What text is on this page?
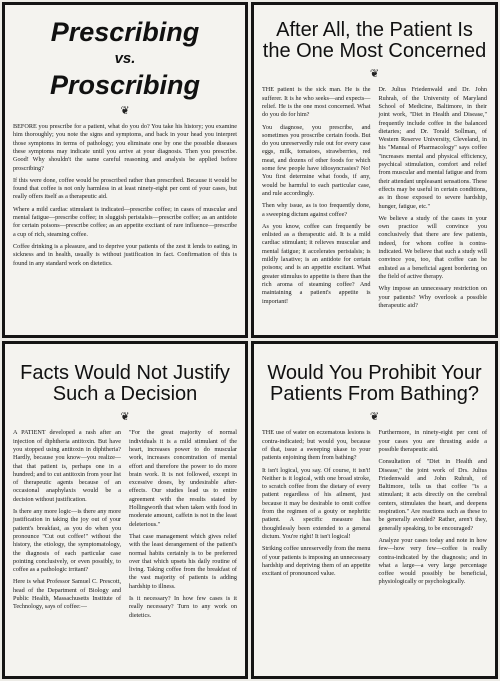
Prescribing
vs.
Proscribing
❦

BEFORE you prescribe for a patient, what do you do? You take his history; you examine him thoroughly; you note the signs and symptoms, and back in your head you interpret those symptoms in terms of pathology; you eliminate one by one the possible diseases these symptoms may indicate until you arrive at your diagnosis. Then you prescribe. Good! Why shouldn't the same careful reasoning and analysis be applied before proscribing?

If this were done, coffee would be proscribed rather than prescribed. Because it would be found that coffee is not only harmless in at least ninety-eight per cent of your cases, but really offers itself as a therapeutic aid.

Where a mild cardiac stimulant is indicated—prescribe coffee; in cases of muscular and mental fatigue—prescribe coffee; in sluggish peristalsis—prescribe coffee; as an antidote for certain poisons—prescribe coffee; as an appetite excitant of rare influence—prescribe a cup of rich, steaming coffee.

Coffee drinking is a pleasure, and to deprive your patients of the zest it lends to eating, in sickness and in health, usually is without justification in fact. Confirmation of this is found in any standard work on dietetics.

After All, the Patient Is the One Most Concerned
❦

THE patient is the sick man. He is the sufferer. It is he who seeks—and expects—relief. He is the one most concerned. What do you do for him?

You diagnose, you prescribe, and sometimes you proscribe certain foods. But do you unreservedly rule out for every case eggs, milk, tomatoes, strawberries, red meat, and dozens of other foods for which some few people have idiosyncrasies? No! You first determine what foods, if any, would be harmful to each particular case, and rule accordingly.

Then why issue, as is too frequently done, a sweeping dictum against coffee?

As you know, coffee can frequently be enlisted as a therapeutic aid. It is a mild cardiac stimulant; it relieves muscular and mental fatigue; it accelerates peristalsis; is mildly laxative; is an antidote for certain poisons; and is an appetite excitant. What greater stimulus to appetite is there than the rich aroma of steaming coffee? And maintaining a patient's appetite is important!

Dr. Julius Friedenwald and Dr. John Ruhrah, of the University of Maryland School of Medicine, Baltimore, in their joint work, "Diet in Health and Disease," frequently include coffee in the balanced dietaries; and Dr. Torald Sollman, of Western Reserve University, Cleveland, in his "Manual of Pharmacology" says coffee "increases mental and physical efficiency, psychical stimulation, comfort and relief from muscular and mental fatigue and from their attendant unpleasant sensations. These effects may be useful in certain conditions, as in those exposed to severe hardship, hunger, fatigue, etc."

We believe a study of the cases in your own practice will convince you conclusively that there are few patients, indeed, for whom coffee is contra-indicated. We believe that such a study will convince you, too, that coffee can be enlisted as a beneficial agent bordering on the field of active therapy.

Why impose an unnecessary restriction on your patients? Why overlook a possible therapeutic aid?

Facts Would Not Justify Such a Decision
❦

A PATIENT developed a rash after an injection of diphtheria antitoxin. But have you stopped using antitoxin in diphtheria? Hardly, because you know—you realize—that that patient is, perhaps one in a hundred; and to cut antitoxin from your list of therapeutic agents because of an occasional anaphylaxis would be a decision without justification.

Is there any more logic—is there any more justification in taking the joy out of your patient's breakfast, as you do when you pronounce "Cut out coffee!" without the history, the etiology, the symptomatology, the diagnosis of each particular case pointing conclusively, or even possibly, to coffee as a pathologic irritant?

Here is what Professor Samuel C. Prescott, head of the Department of Biology and Public Health, Massachusetts Institute of Technology, says of coffee:—

"For the great majority of normal individuals it is a mild stimulant of the heart, increases power to do muscular work, increases concentration of mental effort and therefore the power to do more brain work. It is not followed, except in excessive doses, by undesirable after-effects. Our studies lead us to entire agreement with the results stated by Hollingworth that when taken with food in moderate amount, caffein is not in the least deleterious."

That case management which gives relief with the least derangement of the patient's normal habits certainly is to be preferred over that which upsets his daily routine of living. Taking coffee from the breakfast of the vast majority of patients is adding hardship to illness.

Is it necessary? In how few cases is it really necessary? Turn to any work on dietetics.

Would You Prohibit Your Patients From Bathing?
❦

THE use of water on eczematous lesions is contra-indicated; but would you, because of that, issue a sweeping ukase to your patients enjoining them from bathing?

It isn't logical, you say. Of course, it isn't! Neither is it logical, with one broad stroke, to scratch coffee from the dietary of every patient regardless of his ailment, just because it may be desirable to omit coffee from the regimen of a gouty or nephritic patient. A specific measure has thoughtlessly been extended to a general dictum. You're right! It isn't logical!

Striking coffee unreservedly from the menu of your patients is imposing an unnecessary hardship and depriving them of an appetite excitant of pronounced value.

Furthermore, in ninety-eight per cent of your cases you are thrusting aside a possible therapeutic aid.

Consultation of "Diet in Health and Disease," the joint work of Drs. Julius Friedenwald and John Ruhrah, of Baltimore, tells us that coffee "is a stimulant; it acts directly on the cerebral centers, stimulates the heart, and deepens respiration." Are reactions such as these to be generally avoided? Rather, aren't they, generally speaking, to be encouraged?

Analyze your cases today and note in how few—how very few—coffee is really contra-indicated by the diagnosis; and in what a large—a very large percentage coffee would possibly be beneficial, physiologically or psychologically.
